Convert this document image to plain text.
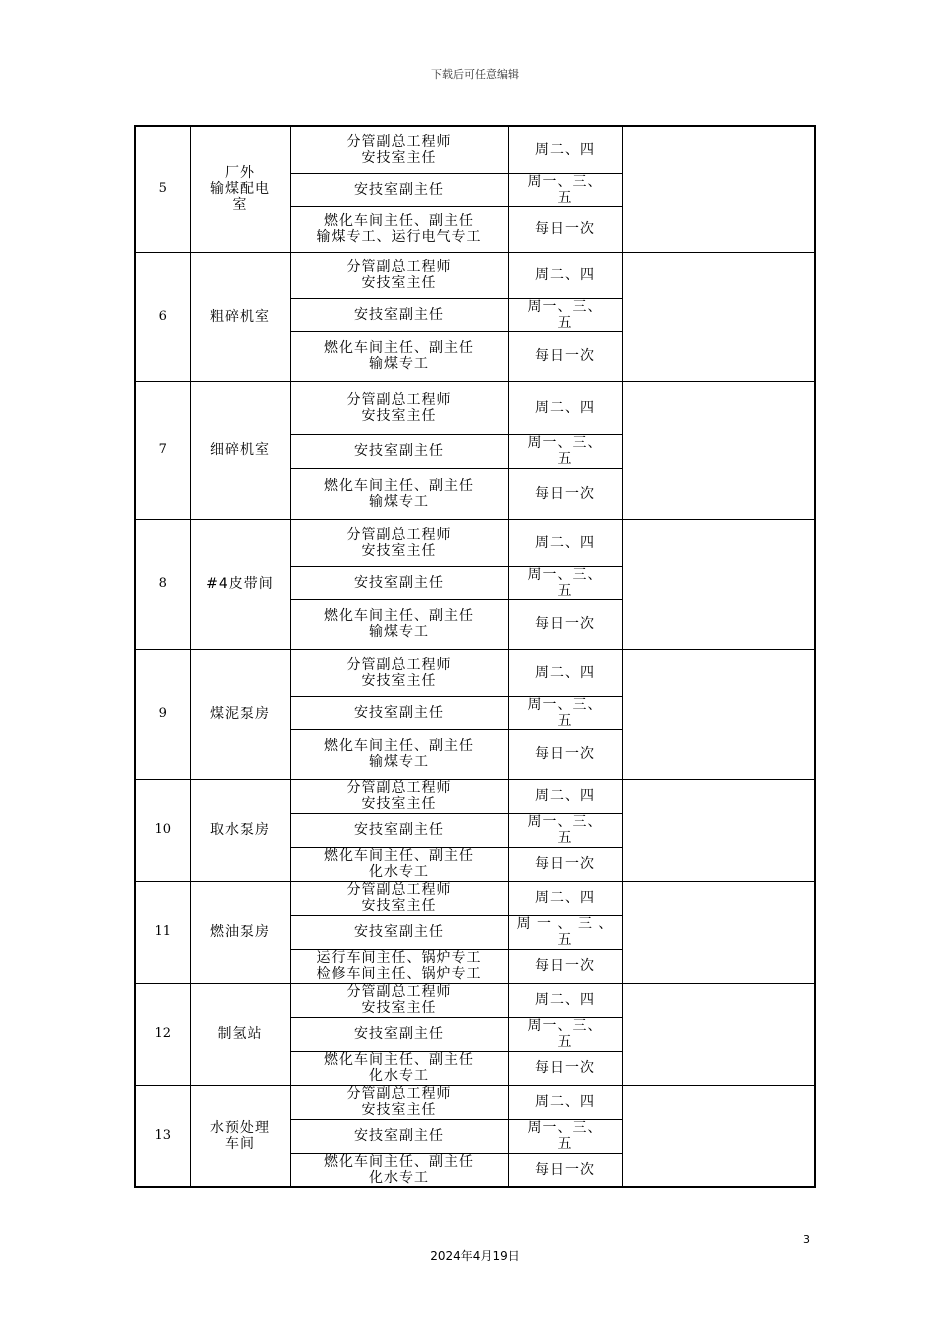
下载后可任意编辑
5	厂外
输煤配电
室	分管副总工程师
安技室主任	周二、四	

		安技室副主任	周一、三、
五	

		燃化车间主任、副主任
输煤专工、运行电气专工	每日一次	

6	粗碎机室	分管副总工程师
安技室主任	周二、四	

		安技室副主任	周一、三、
五	

		燃化车间主任、副主任
输煤专工	每日一次	

7	细碎机室	分管副总工程师
安技室主任	周二、四	

		安技室副主任	周一、三、
五	

		燃化车间主任、副主任
输煤专工	每日一次	

8	#4皮带间	分管副总工程师
安技室主任	周二、四	

		安技室副主任	周一、三、
五	

		燃化车间主任、副主任
输煤专工	每日一次	

9	煤泥泵房	分管副总工程师
安技室主任	周二、四	

		安技室副主任	周一、三、
五	

		燃化车间主任、副主任
输煤专工	每日一次	

10	取水泵房	分管副总工程师
安技室主任	周二、四	

		安技室副主任	周一、三、
五	

		燃化车间主任、副主任
化水专工	每日一次	

11	燃油泵房	分管副总工程师
安技室主任	周二、四	

		安技室副主任	周 一 、 三 、
五	

		运行车间主任、锅炉专工
检修车间主任、锅炉专工	每日一次	

12	制氢站	分管副总工程师
安技室主任	周二、四	

		安技室副主任	周一、三、
五	

		燃化车间主任、副主任
化水专工	每日一次	

13	水预处理
车间	分管副总工程师
安技室主任	周二、四	

		安技室副主任	周一、三、
五	

		燃化车间主任、副主任
化水专工	每日一次	
3
2024年4月19日
